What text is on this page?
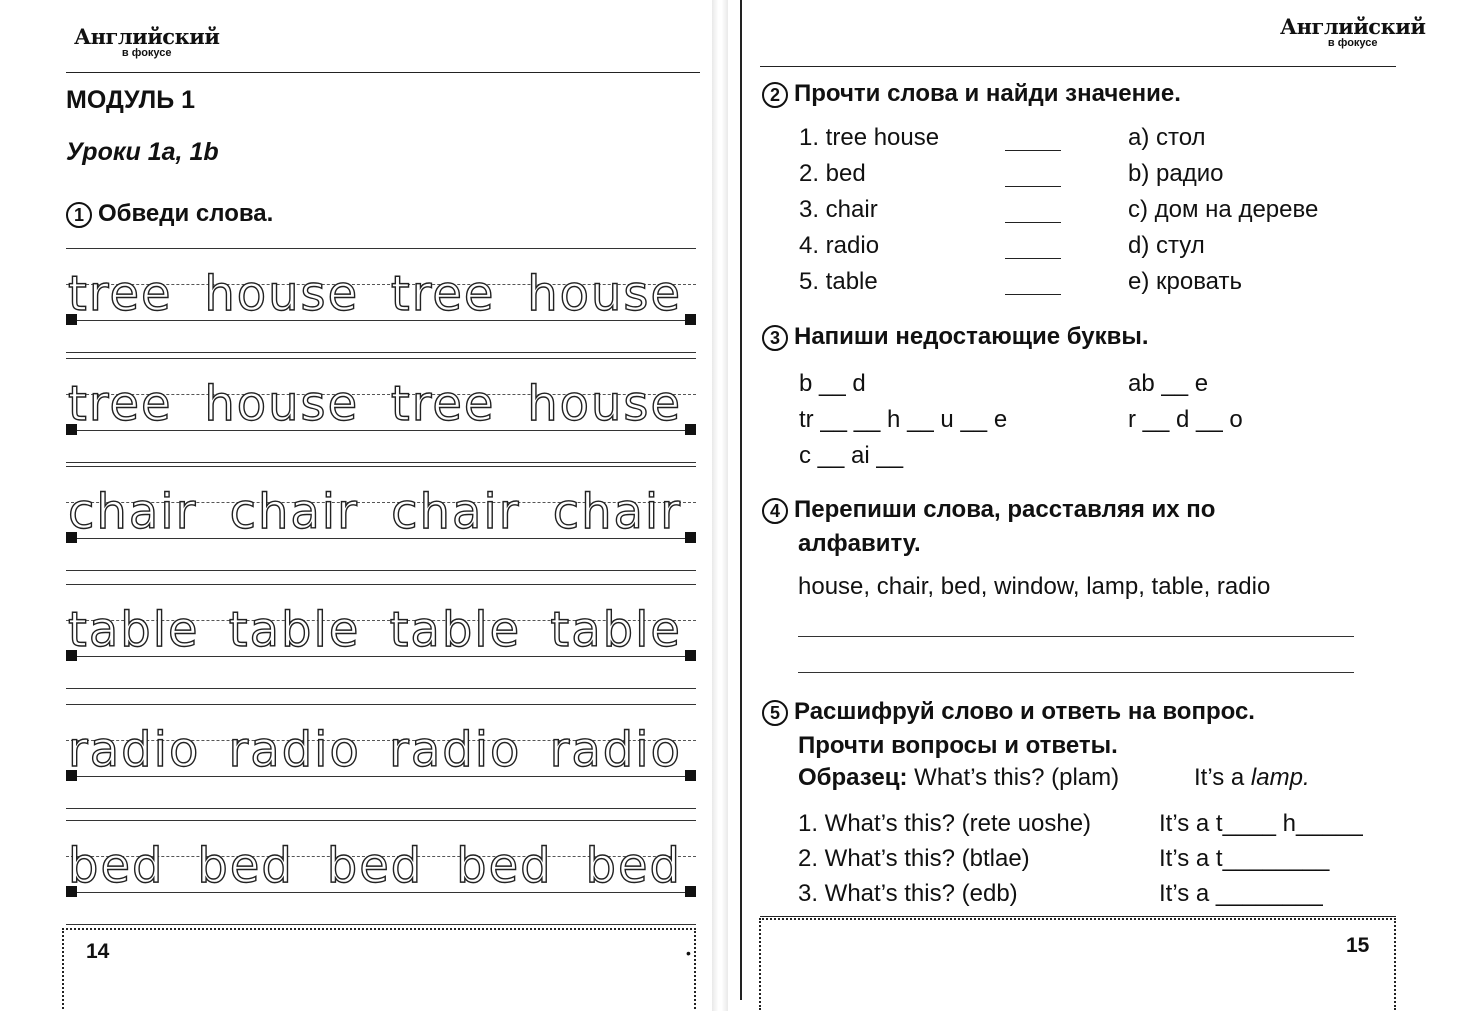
Английский
в фокусе
МОДУЛЬ 1
Уроки 1a, 1b
1 Обведи слова.
tree house tree house
tree house tree house
chair chair chair chair
table table table table
radio radio radio radio
bed bed bed bed bed
14	•
Английский
в фокусе
2 Прочти слова и найди значение.
1. tree house	a) стол
2. bed	b) радио
3. chair	c) дом на дереве
4. radio	d) стул
5. table	e) кровать
3 Напиши недостающие буквы.
b __ d	ab __ e
tr __ __ h __ u __ e	r __ d __ o
c __ ai __
4 Перепиши слова, расставляя их по
алфавиту.
house, chair, bed, window, lamp, table, radio
5 Расшифруй слово и ответь на вопрос.
Прочти вопросы и ответы.
Образец: What’s this? (plam)	It’s a lamp.
1. What’s this? (rete uoshe)	It’s a t____ h_____
2. What’s this? (btlae)	It’s a t________
3. What’s this? (edb)	It’s a ________
15
